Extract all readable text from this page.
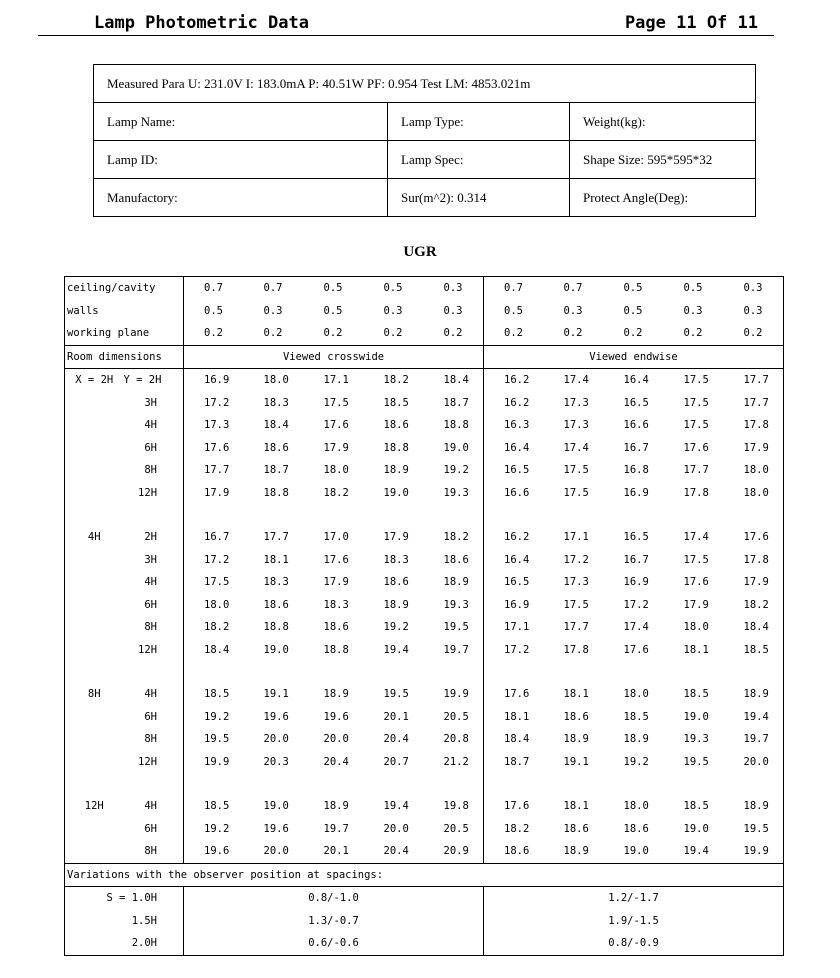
Lamp Photometric Data	Page 11 Of 11
Measured Para U: 231.0V I: 183.0mA P: 40.51W PF: 0.954 Test LM: 4853.021m		
Lamp Name:	Lamp Type:	Weight(kg):
Lamp ID:	Lamp Spec:	Shape Size: 595*595*32
Manufactory:	Sur(m^2): 0.314	Protect Angle(Deg):
UGR
ceiling/cavity		0.7	0.7	0.5	0.5	0.3	0.7	0.7	0.5	0.5	0.3
walls		0.5	0.3	0.5	0.3	0.3	0.5	0.3	0.5	0.3	0.3
working plane		0.2	0.2	0.2	0.2	0.2	0.2	0.2	0.2	0.2	0.2
Room dimensions		Viewed crosswide					Viewed endwise				
X = 2H	Y = 2H	16.9	18.0	17.1	18.2	18.4	16.2	17.4	16.4	17.5	17.7
	3H	17.2	18.3	17.5	18.5	18.7	16.2	17.3	16.5	17.5	17.7
	4H	17.3	18.4	17.6	18.6	18.8	16.3	17.3	16.6	17.5	17.8
	6H	17.6	18.6	17.9	18.8	19.0	16.4	17.4	16.7	17.6	17.9
	8H	17.7	18.7	18.0	18.9	19.2	16.5	17.5	16.8	17.7	18.0
	12H	17.9	18.8	18.2	19.0	19.3	16.6	17.5	16.9	17.8	18.0

4H	2H	16.7	17.7	17.0	17.9	18.2	16.2	17.1	16.5	17.4	17.6
	3H	17.2	18.1	17.6	18.3	18.6	16.4	17.2	16.7	17.5	17.8
	4H	17.5	18.3	17.9	18.6	18.9	16.5	17.3	16.9	17.6	17.9
	6H	18.0	18.6	18.3	18.9	19.3	16.9	17.5	17.2	17.9	18.2
	8H	18.2	18.8	18.6	19.2	19.5	17.1	17.7	17.4	18.0	18.4
	12H	18.4	19.0	18.8	19.4	19.7	17.2	17.8	17.6	18.1	18.5

8H	4H	18.5	19.1	18.9	19.5	19.9	17.6	18.1	18.0	18.5	18.9
	6H	19.2	19.6	19.6	20.1	20.5	18.1	18.6	18.5	19.0	19.4
	8H	19.5	20.0	20.0	20.4	20.8	18.4	18.9	18.9	19.3	19.7
	12H	19.9	20.3	20.4	20.7	21.2	18.7	19.1	19.2	19.5	20.0

12H	4H	18.5	19.0	18.9	19.4	19.8	17.6	18.1	18.0	18.5	18.9
	6H	19.2	19.6	19.7	20.0	20.5	18.2	18.6	18.6	19.0	19.5
	8H	19.6	20.0	20.1	20.4	20.9	18.6	18.9	19.0	19.4	19.9
Variations with the observer position at spacings:											
S = 1.0H		0.8/-1.0					1.2/-1.7				
1.5H		1.3/-0.7					1.9/-1.5				
2.0H		0.6/-0.6					0.8/-0.9				
